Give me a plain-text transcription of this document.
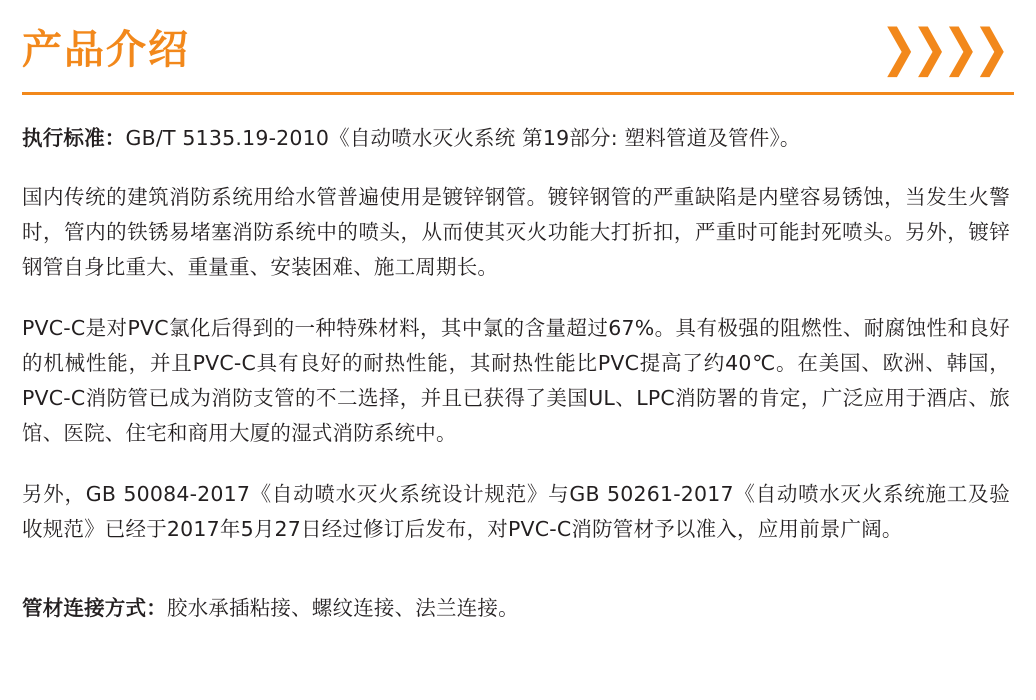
产品介绍	❯
❯
❯
❯

执行标准：GB/T 5135.19-2010《自动喷水灭火系统 第19部分: 塑料管道及管件》。

国内传统的建筑消防系统用给水管普遍使用是镀锌钢管。镀锌钢管的严重缺陷是内壁容易锈蚀，当发生火警时，管内的铁锈易堵塞消防系统中的喷头，从而使其灭火功能大打折扣，严重时可能封死喷头。另外，镀锌钢管自身比重大、重量重、安装困难、施工周期长。

PVC-C是对PVC氯化后得到的一种特殊材料，其中氯的含量超过67%。具有极强的阻燃性、耐腐蚀性和良好的机械性能，并且PVC-C具有良好的耐热性能，其耐热性能比PVC提高了约40℃。在美国、欧洲、韩国，PVC-C消防管已成为消防支管的不二选择，并且已获得了美国UL、LPC消防署的肯定，广泛应用于酒店、旅馆、医院、住宅和商用大厦的湿式消防系统中。

另外，GB 50084-2017《自动喷水灭火系统设计规范》与GB 50261-2017《自动喷水灭火系统施工及验收规范》已经于2017年5月27日经过修订后发布，对PVC-C消防管材予以准入，应用前景广阔。

管材连接方式：胶水承插粘接、螺纹连接、法兰连接。
